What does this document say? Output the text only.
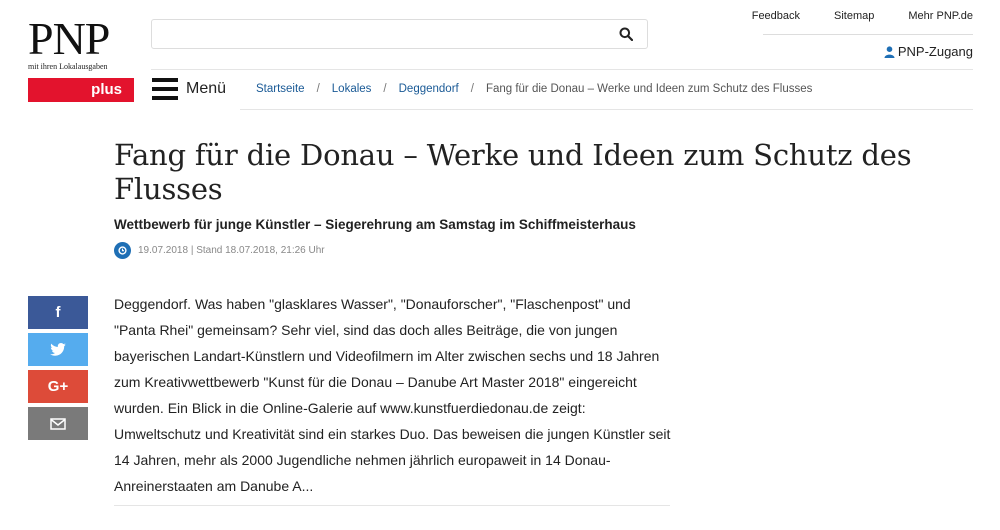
PNP
mit ihren Lokalausgaben
plus
Feedback	Sitemap	Mehr PNP.de
PNP-Zugang
Menü	Startseite / Lokales / Deggendorf / Fang für die Donau – Werke und Ideen zum Schutz des Flusses
Fang für die Donau – Werke und Ideen zum Schutz des Flusses
Wettbewerb für junge Künstler – Siegerehrung am Samstag im Schiffmeisterhaus
19.07.2018 | Stand 18.07.2018, 21:26 Uhr
f
G+

Deggendorf. Was haben "glasklares Wasser", "Donauforscher", "Flaschenpost" und "Panta Rhei" gemeinsam? Sehr viel, sind das doch alles Beiträge, die von jungen bayerischen Landart-Künstlern und Videofilmern im Alter zwischen sechs und 18 Jahren zum Kreativwettbewerb "Kunst für die Donau – Danube Art Master 2018" eingereicht wurden. Ein Blick in die Online-Galerie auf www.kunstfuerdiedonau.de zeigt: Umweltschutz und Kreativität sind ein starkes Duo. Das beweisen die jungen Künstler seit 14 Jahren, mehr als 2000 Jugendliche nehmen jährlich europaweit in 14 Donau-Anreinerstaaten am Danube A...
